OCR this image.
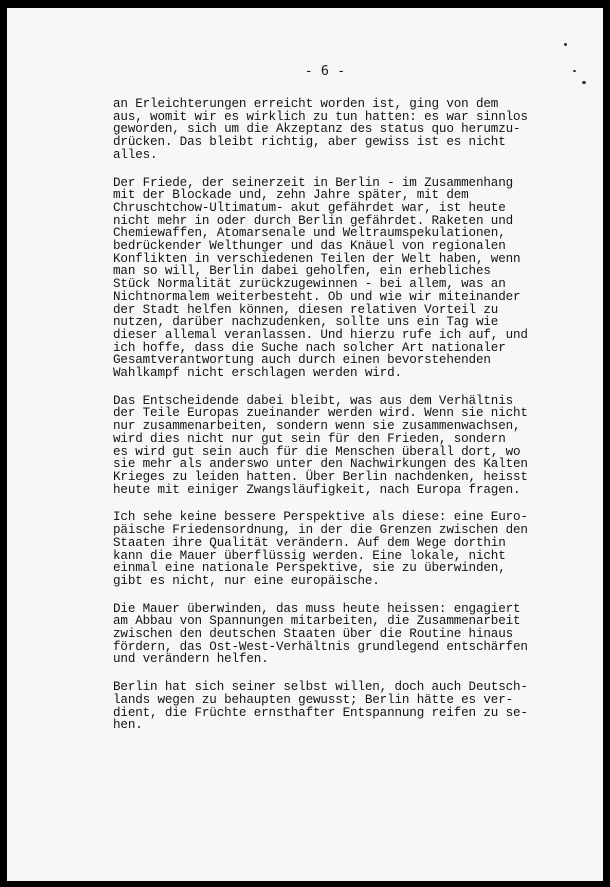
- 6 -
an Erleichterungen erreicht worden ist, ging von dem
aus, womit wir es wirklich zu tun hatten: es war sinnlos
geworden, sich um die Akzeptanz des status quo herumzu-
drücken. Das bleibt richtig, aber gewiss ist es nicht
alles.
Der Friede, der seinerzeit in Berlin - im Zusammenhang
mit der Blockade und, zehn Jahre später, mit dem
Chruschtchow-Ultimatum- akut gefährdet war, ist heute
nicht mehr in oder durch Berlin gefährdet. Raketen und
Chemiewaffen, Atomarsenale und Weltraumspekulationen,
bedrückender Welthunger und das Knäuel von regionalen
Konflikten in verschiedenen Teilen der Welt haben, wenn
man so will, Berlin dabei geholfen, ein erhebliches
Stück Normalität zurückzugewinnen - bei allem, was an
Nichtnormalem weiterbesteht. Ob und wie wir miteinander
der Stadt helfen können, diesen relativen Vorteil zu
nutzen, darüber nachzudenken, sollte uns ein Tag wie
dieser allemal veranlassen. Und hierzu rufe ich auf, und
ich hoffe, dass die Suche nach solcher Art nationaler
Gesamtverantwortung auch durch einen bevorstehenden
Wahlkampf nicht erschlagen werden wird.
Das Entscheidende dabei bleibt, was aus dem Verhältnis
der Teile Europas zueinander werden wird. Wenn sie nicht
nur zusammenarbeiten, sondern wenn sie zusammenwachsen,
wird dies nicht nur gut sein für den Frieden, sondern
es wird gut sein auch für die Menschen überall dort, wo
sie mehr als anderswo unter den Nachwirkungen des Kalten
Krieges zu leiden hatten. Über Berlin nachdenken, heisst
heute mit einiger Zwangsläufigkeit, nach Europa fragen.
Ich sehe keine bessere Perspektive als diese: eine Euro-
päische Friedensordnung, in der die Grenzen zwischen den
Staaten ihre Qualität verändern. Auf dem Wege dorthin
kann die Mauer überflüssig werden. Eine lokale, nicht
einmal eine nationale Perspektive, sie zu überwinden,
gibt es nicht, nur eine europäische.
Die Mauer überwinden, das muss heute heissen: engagiert
am Abbau von Spannungen mitarbeiten, die Zusammenarbeit
zwischen den deutschen Staaten über die Routine hinaus
fördern, das Ost-West-Verhältnis grundlegend entschärfen
und verändern helfen.
Berlin hat sich seiner selbst willen, doch auch Deutsch-
lands wegen zu behaupten gewusst; Berlin hätte es ver-
dient, die Früchte ernsthafter Entspannung reifen zu se-
hen.
